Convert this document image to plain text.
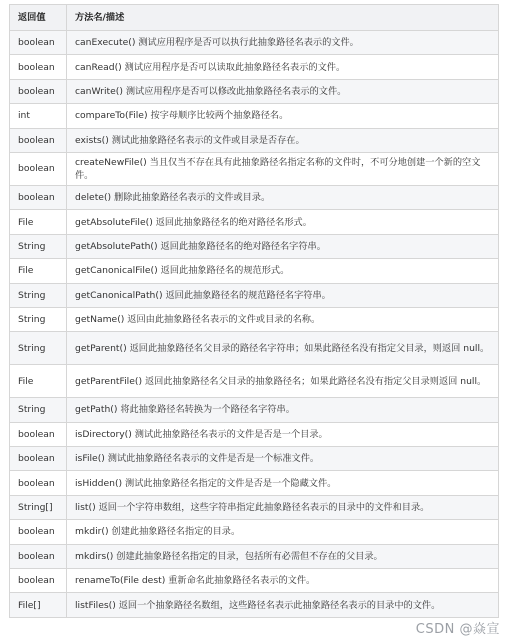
返回值	方法名/描述
boolean	canExecute() 测试应用程序是否可以执行此抽象路径名表示的文件。
boolean	canRead() 测试应用程序是否可以读取此抽象路径名表示的文件。
boolean	canWrite() 测试应用程序是否可以修改此抽象路径名表示的文件。
int	compareTo(File) 按字母顺序比较两个抽象路径名。
boolean	exists() 测试此抽象路径名表示的文件或目录是否存在。
boolean	createNewFile() 当且仅当不存在具有此抽象路径名指定名称的文件时，不可分地创建一个新的空文件。
boolean	delete() 删除此抽象路径名表示的文件或目录。
File	getAbsoluteFile() 返回此抽象路径名的绝对路径名形式。
String	getAbsolutePath() 返回此抽象路径名的绝对路径名字符串。
File	getCanonicalFile() 返回此抽象路径名的规范形式。
String	getCanonicalPath() 返回此抽象路径名的规范路径名字符串。
String	getName() 返回由此抽象路径名表示的文件或目录的名称。
String	getParent() 返回此抽象路径名父目录的路径名字符串；如果此路径名没有指定父目录，则返回 null。
File	getParentFile() 返回此抽象路径名父目录的抽象路径名；如果此路径名没有指定父目录则返回 null。
String	getPath() 将此抽象路径名转换为一个路径名字符串。
boolean	isDirectory() 测试此抽象路径名表示的文件是否是一个目录。
boolean	isFile() 测试此抽象路径名表示的文件是否是一个标准文件。
boolean	isHidden() 测试此抽象路径名指定的文件是否是一个隐藏文件。
String[]	list() 返回一个字符串数组，这些字符串指定此抽象路径名表示的目录中的文件和目录。
boolean	mkdir() 创建此抽象路径名指定的目录。
boolean	mkdirs() 创建此抽象路径名指定的目录，包括所有必需但不存在的父目录。
boolean	renameTo(File dest) 重新命名此抽象路径名表示的文件。
File[]	listFiles() 返回一个抽象路径名数组，这些路径名表示此抽象路径名表示的目录中的文件。
CSDN @焱宣
